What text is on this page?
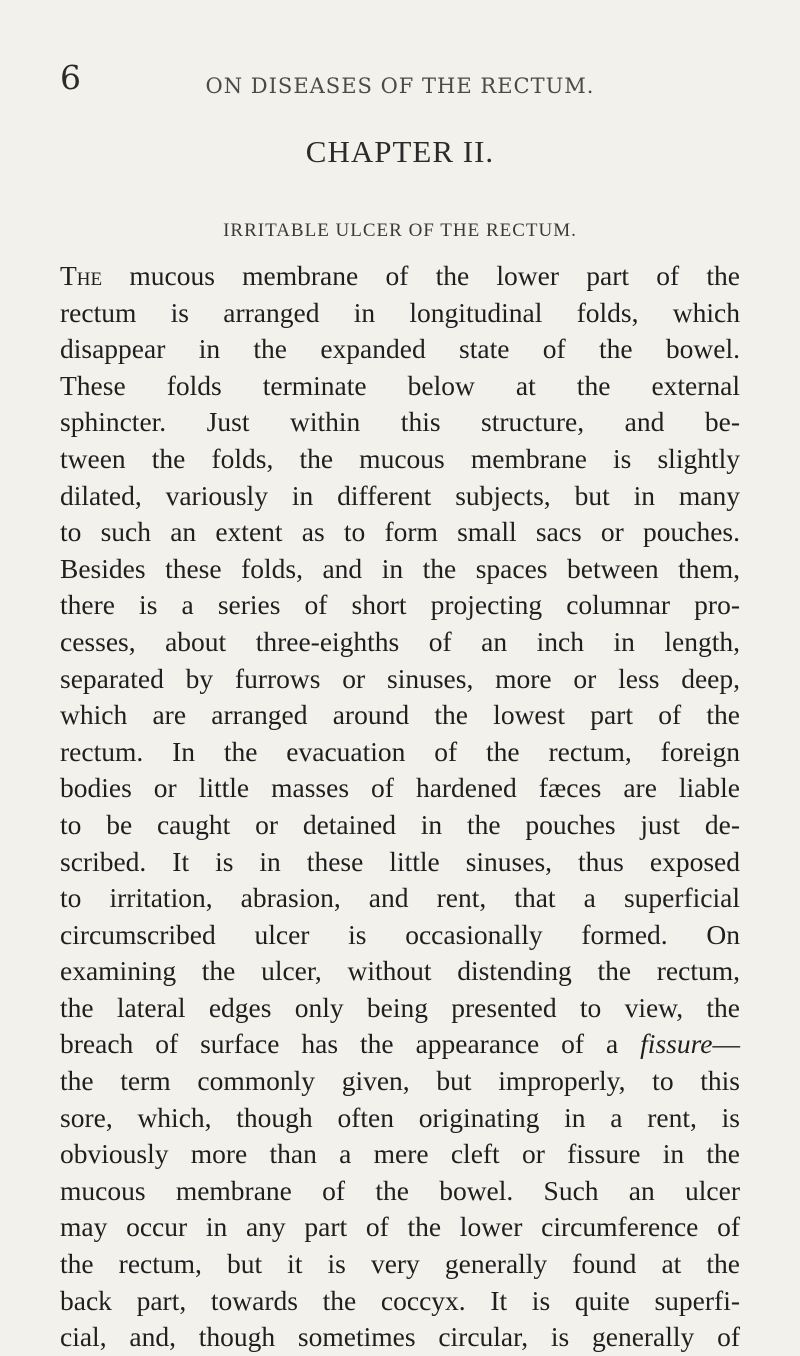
6	ON DISEASES OF THE RECTUM.
CHAPTER II.
IRRITABLE ULCER OF THE RECTUM.
The mucous membrane of the lower part of the
rectum is arranged in longitudinal folds, which
disappear in the expanded state of the bowel.
These folds terminate below at the external
sphincter. Just within this structure, and be-
tween the folds, the mucous membrane is slightly
dilated, variously in different subjects, but in many
to such an extent as to form small sacs or pouches.
Besides these folds, and in the spaces between them,
there is a series of short projecting columnar pro-
cesses, about three-eighths of an inch in length,
separated by furrows or sinuses, more or less deep,
which are arranged around the lowest part of the
rectum. In the evacuation of the rectum, foreign
bodies or little masses of hardened fæces are liable
to be caught or detained in the pouches just de-
scribed. It is in these little sinuses, thus exposed
to irritation, abrasion, and rent, that a superficial
circumscribed ulcer is occasionally formed. On
examining the ulcer, without distending the rectum,
the lateral edges only being presented to view, the
breach of surface has the appearance of a fissure—
the term commonly given, but improperly, to this
sore, which, though often originating in a rent, is
obviously more than a mere cleft or fissure in the
mucous membrane of the bowel. Such an ulcer
may occur in any part of the lower circumference of
the rectum, but it is very generally found at the
back part, towards the coccyx. It is quite superfi-
cial, and, though sometimes circular, is generally of
